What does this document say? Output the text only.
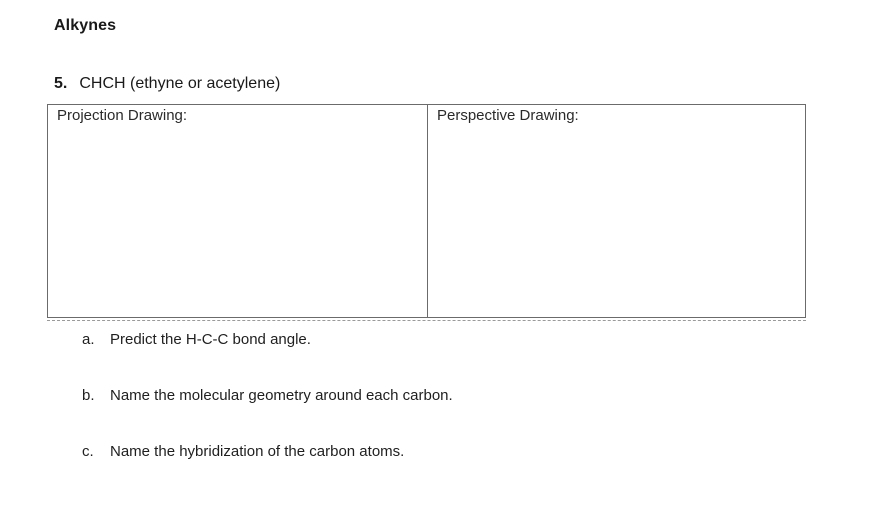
Alkynes
5. CHCH (ethyne or acetylene)
Projection Drawing:	Perspective Drawing:
a. Predict the H-C-C bond angle.
b. Name the molecular geometry around each carbon.
c. Name the hybridization of the carbon atoms.
